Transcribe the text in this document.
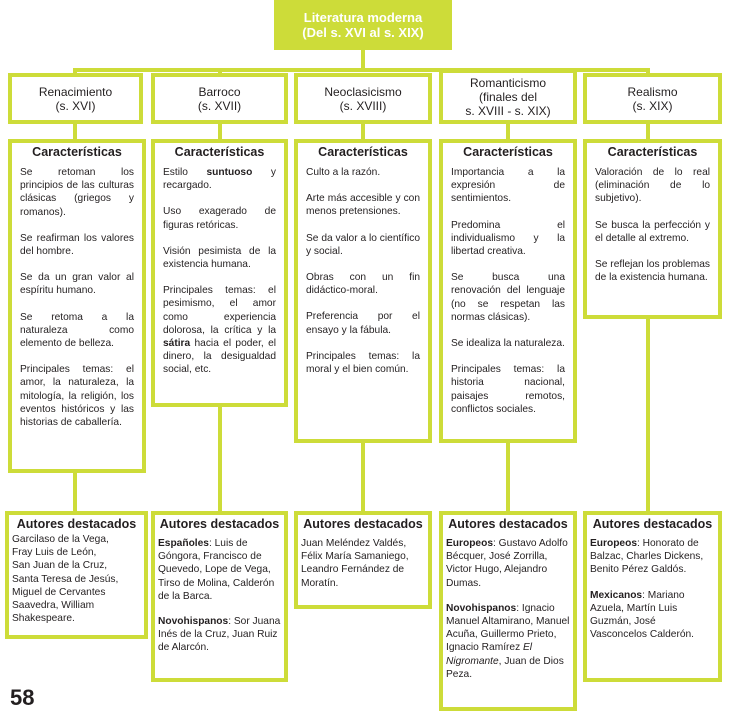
Literatura moderna
(Del s. XVI al s. XIX)
Renacimiento
(s. XVI)
Barroco
(s. XVII)
Neoclasicismo
(s. XVIII)
Romanticismo
(finales del
s. XVIII - s. XIX)
Realismo
(s. XIX)
Características

Se retoman los principios de las culturas clásicas (griegos y romanos).

Se reafirman los valores del hombre.

Se da un gran valor al espíritu humano.

Se retoma a la naturaleza como elemento de belleza.

Principales temas: el amor, la naturaleza, la mitología, la religión, los eventos históricos y las historias de caballería.

Características

Estilo suntuoso y recargado.

Uso exagerado de figuras retóricas.

Visión pesimista de la existencia humana.

Principales temas: el pesimismo, el amor como experiencia dolorosa, la crítica y la sátira hacia el poder, el dinero, la desigualdad social, etc.

Características

Culto a la razón.

Arte más accesible y con menos pretensiones.

Se da valor a lo científico y social.

Obras con un fin didáctico-moral.

Preferencia por el ensayo y la fábula.

Principales temas: la moral y el bien común.

Características

Importancia a la expresión de sentimientos.

Predomina el individualismo y la libertad creativa.

Se busca una renovación del lenguaje (no se respetan las normas clásicas).

Se idealiza la naturaleza.

Principales temas: la historia nacional, paisajes remotos, conflictos sociales.

Características

Valoración de lo real (eliminación de lo subjetivo).

Se busca la perfección y el detalle al extremo.

Se reflejan los problemas de la existencia humana.

Autores destacados
Garcilaso de la Vega,
Fray Luis de León,
San Juan de la Cruz,
Santa Teresa de Jesús,
Miguel de Cervantes
Saavedra, William
Shakespeare.
Autores destacados

Españoles: Luis de Góngora, Francisco de Quevedo, Lope de Vega, Tirso de Molina, Calderón de la Barca.

Novohispanos: Sor Juana Inés de la Cruz, Juan Ruiz de Alarcón.

Autores destacados

Juan Meléndez Valdés, Félix María Samaniego, Leandro Fernández de Moratín.

Autores destacados

Europeos: Gustavo Adolfo Bécquer, José Zorrilla, Victor Hugo, Alejandro Dumas.

Novohispanos: Ignacio Manuel Altamirano, Manuel Acuña, Guillermo Prieto, Ignacio Ramírez El Nigromante, Juan de Dios Peza.

Autores destacados

Europeos: Honorato de Balzac, Charles Dickens, Benito Pérez Galdós.

Mexicanos: Mariano Azuela, Martín Luis Guzmán, José Vasconcelos Calderón.

58
